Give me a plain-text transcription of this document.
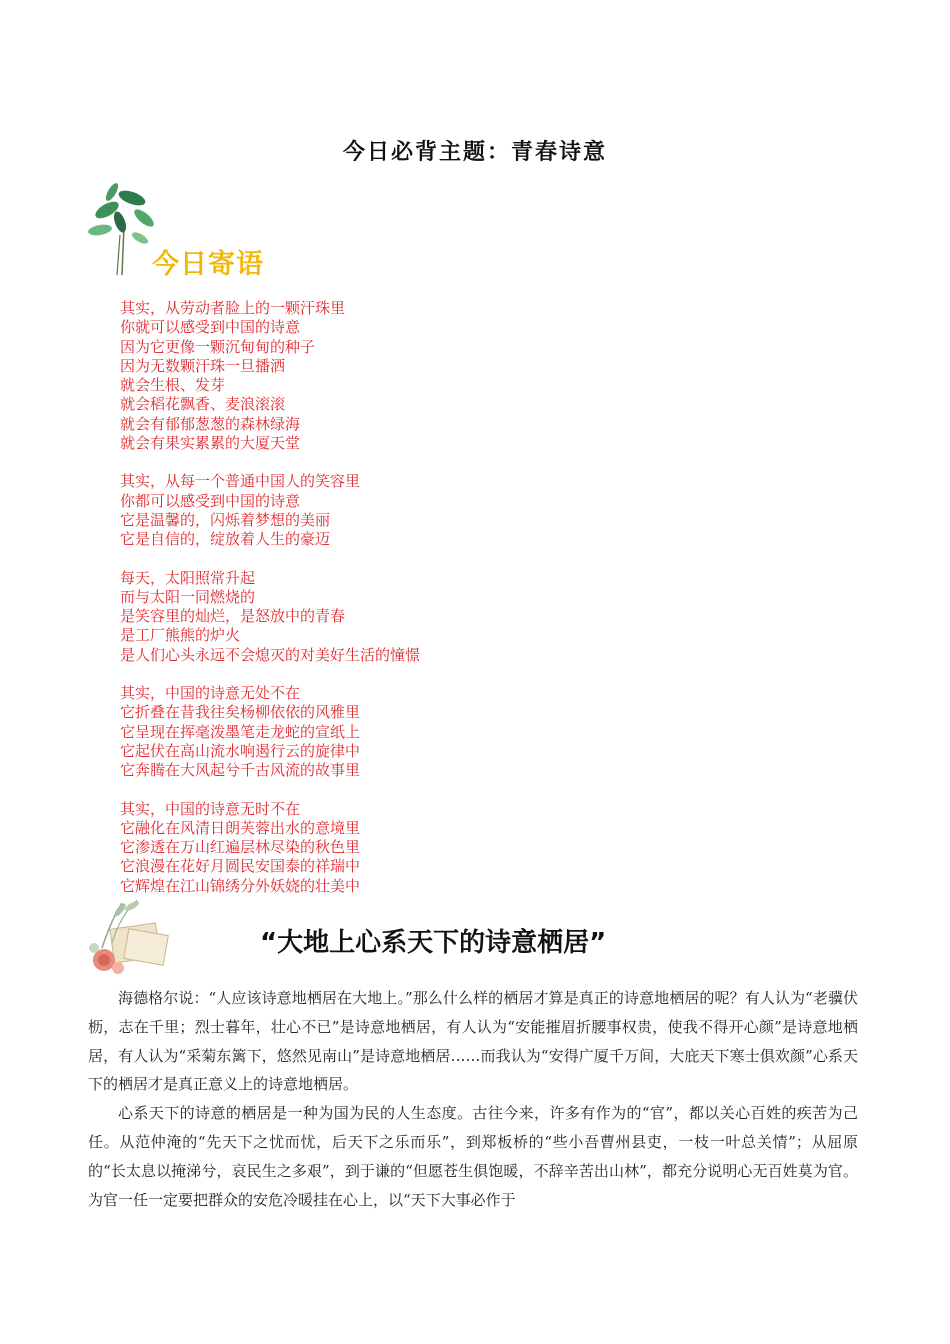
今日必背主题：青春诗意
今日寄语
其实，从劳动者脸上的一颗汗珠里
你就可以感受到中国的诗意
因为它更像一颗沉甸甸的种子
因为无数颗汗珠一旦播洒
就会生根、发芽
就会稻花飘香、麦浪滚滚
就会有郁郁葱葱的森林绿海
就会有果实累累的大厦天堂
其实，从每一个普通中国人的笑容里
你都可以感受到中国的诗意
它是温馨的，闪烁着梦想的美丽
它是自信的，绽放着人生的豪迈
每天，太阳照常升起
而与太阳一同燃烧的
是笑容里的灿烂，是怒放中的青春
是工厂熊熊的炉火
是人们心头永远不会熄灭的对美好生活的憧憬
其实，中国的诗意无处不在
它折叠在昔我往矣杨柳依依的风雅里
它呈现在挥毫泼墨笔走龙蛇的宣纸上
它起伏在高山流水响遏行云的旋律中
它奔腾在大风起兮千古风流的故事里
其实，中国的诗意无时不在
它融化在风清日朗芙蓉出水的意境里
它渗透在万山红遍层林尽染的秋色里
它浪漫在花好月圆民安国泰的祥瑞中
它辉煌在江山锦绣分外妖娆的壮美中
“大地上心系天下的诗意栖居”

海德格尔说：“人应该诗意地栖居在大地上。”那么什么样的栖居才算是真正的诗意地栖居的呢？有人认为“老骥伏枥，志在千里；烈士暮年，壮心不已”是诗意地栖居，有人认为“安能摧眉折腰事权贵，使我不得开心颜”是诗意地栖居，有人认为“采菊东篱下，悠然见南山”是诗意地栖居……而我认为“安得广厦千万间，大庇天下寒士俱欢颜”心系天下的栖居才是真正意义上的诗意地栖居。

心系天下的诗意的栖居是一种为国为民的人生态度。古往今来，许多有作为的“官”，都以关心百姓的疾苦为己任。从范仲淹的“先天下之忧而忧，后天下之乐而乐”，到郑板桥的“些小吾曹州县吏，一枝一叶总关情”；从屈原的“长太息以掩涕兮，哀民生之多艰”，到于谦的“但愿苍生俱饱暖，不辞辛苦出山林”，都充分说明心无百姓莫为官。为官一任一定要把群众的安危冷暖挂在心上，以“天下大事必作于
